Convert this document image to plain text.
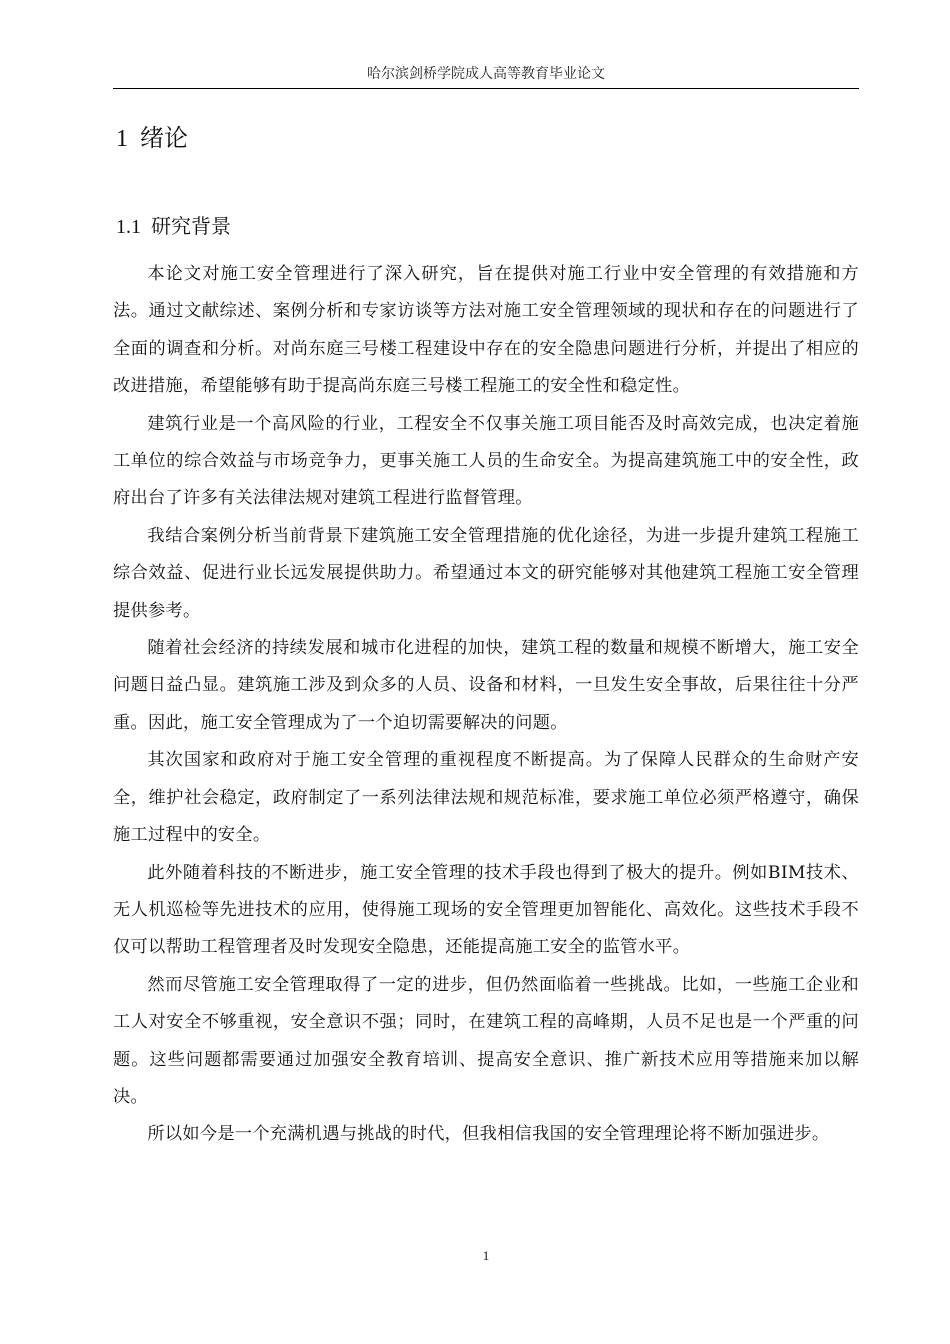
哈尔滨剑桥学院成人高等教育毕业论文
1 绪论
1.1 研究背景

本论文对施工安全管理进行了深入研究，旨在提供对施工行业中安全管理的有效措施和方法。通过文献综述、案例分析和专家访谈等方法对施工安全管理领域的现状和存在的问题进行了全面的调查和分析。对尚东庭三号楼工程建设中存在的安全隐患问题进行分析，并提出了相应的改进措施，希望能够有助于提高尚东庭三号楼工程施工的安全性和稳定性。

建筑行业是一个高风险的行业，工程安全不仅事关施工项目能否及时高效完成，也决定着施工单位的综合效益与市场竞争力，更事关施工人员的生命安全。为提高建筑施工中的安全性，政府出台了许多有关法律法规对建筑工程进行监督管理。

我结合案例分析当前背景下建筑施工安全管理措施的优化途径，为进一步提升建筑工程施工综合效益、促进行业长远发展提供助力。希望通过本文的研究能够对其他建筑工程施工安全管理提供参考。

随着社会经济的持续发展和城市化进程的加快，建筑工程的数量和规模不断增大，施工安全问题日益凸显。建筑施工涉及到众多的人员、设备和材料，一旦发生安全事故，后果往往十分严重。因此，施工安全管理成为了一个迫切需要解决的问题。

其次国家和政府对于施工安全管理的重视程度不断提高。为了保障人民群众的生命财产安全，维护社会稳定，政府制定了一系列法律法规和规范标准，要求施工单位必须严格遵守，确保施工过程中的安全。

此外随着科技的不断进步，施工安全管理的技术手段也得到了极大的提升。例如BIM技术、无人机巡检等先进技术的应用，使得施工现场的安全管理更加智能化、高效化。这些技术手段不仅可以帮助工程管理者及时发现安全隐患，还能提高施工安全的监管水平。

然而尽管施工安全管理取得了一定的进步，但仍然面临着一些挑战。比如，一些施工企业和工人对安全不够重视，安全意识不强；同时，在建筑工程的高峰期，人员不足也是一个严重的问题。这些问题都需要通过加强安全教育培训、提高安全意识、推广新技术应用等措施来加以解决。

所以如今是一个充满机遇与挑战的时代，但我相信我国的安全管理理论将不断加强进步。

1
